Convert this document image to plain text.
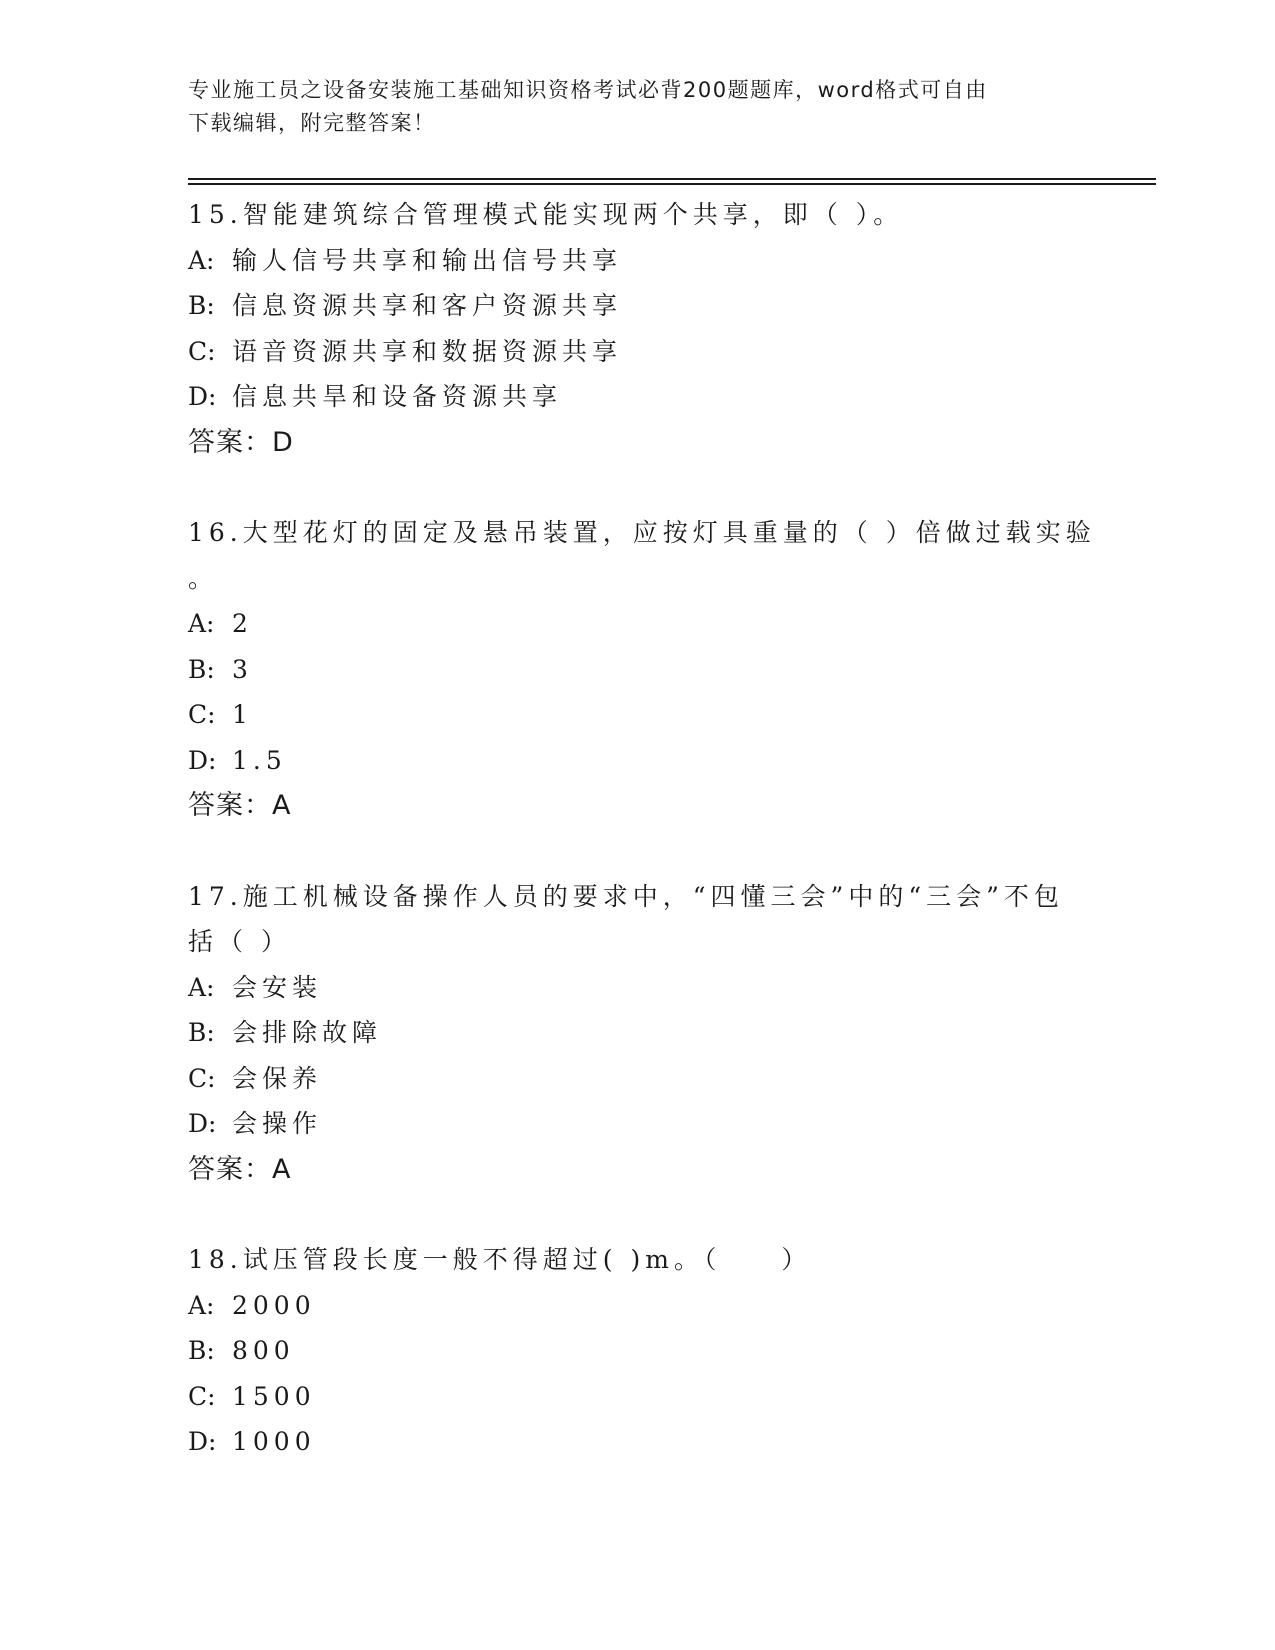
专业施工员之设备安装施工基础知识资格考试必背200题题库，word格式可自由
下载编辑，附完整答案！
15.智能建筑综合管理模式能实现两个共享，即（ ）。
A: 输人信号共享和输出信号共享
B: 信息资源共享和客户资源共享
C: 语音资源共享和数据资源共享
D: 信息共旱和设备资源共享
答案：D
16.大型花灯的固定及悬吊装置，应按灯具重量的（ ）倍做过载实验
。
A: 2
B: 3
C: 1
D: 1.5
答案：A
17.施工机械设备操作人员的要求中，“四懂三会”中的“三会”不包
括（ ）
A: 会安装
B: 会排除故障
C: 会保养
D: 会操作
答案：A
18.试压管段长度一般不得超过( )m。（　　）
A: 2000
B: 800
C: 1500
D: 1000
